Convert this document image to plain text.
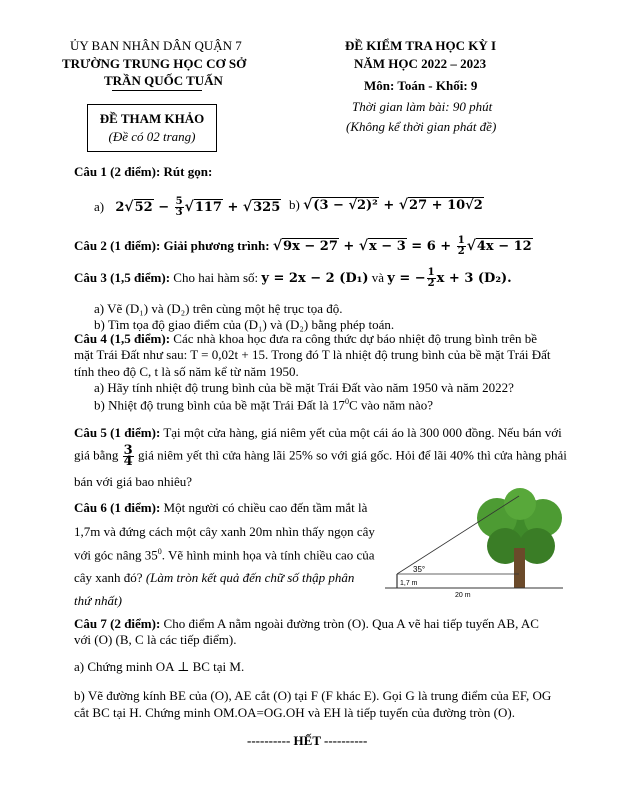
ỦY BAN NHÂN DÂN QUẬN 7
TRƯỜNG TRUNG HỌC CƠ SỞ
TRẦN QUỐC TUẤN
ĐỀ KIỂM TRA HỌC KỲ I
NĂM HỌC 2022 – 2023
Môn: Toán - Khối: 9
Thời gian làm bài: 90 phút
(Không kể thời gian phát đề)
ĐỀ THAM KHẢO
(Đề có 02 trang)
Câu 1 (2 điểm): Rút gọn:
a) $2√52 - \frac{5}{3} √117 + √325$ b) √(3 − √2)² + √27 + 10√2
Câu 2 (1 điểm): Giải phương trình: $√9x - 27 + √x - 3 = 6 + \frac{1}{2} √4x - 12$
Câu 3 (1,5 điểm): Cho hai hàm số: y = 2x − 2 (D₁) và y = − $\frac{1}{2}$ x + 3 (D₂).
a) Vẽ (D₁) và (D₂) trên cùng một hệ trục tọa độ.
b) Tìm tọa độ giao điểm của (D₁) và (D₂) bằng phép toán.
Câu 4 (1,5 điểm): Các nhà khoa học đưa ra công thức dự báo nhiệt độ trung bình trên bề
mặt Trái Đất như sau: T = 0,02t + 15. Trong đó T là nhiệt độ trung bình của bề mặt Trái Đất
tính theo độ C, t là số năm kể từ năm 1950.
a) Hãy tính nhiệt độ trung bình của bề mặt Trái Đất vào năm 1950 và năm 2022?
b) Nhiệt độ trung bình của bề mặt Trái Đất là $17^0C$ vào năm nào?
Câu 5 (1 điểm): Tại một cửa hàng, giá niêm yết của một cái áo là 300 000 đồng. Nếu bán với
giá bằng $\frac{3}{4}$ giá niêm yết thì cửa hàng lãi 25% so với giá gốc. Hỏi để lãi 40% thì cửa hàng phải
bán với giá bao nhiêu?
Câu 6 (1 điểm): Một người có chiều cao đến tầm mắt là
1,7m và đứng cách một cây xanh 20m nhìn thấy ngọn cây
với góc nâng $35^0$. Vẽ hình minh họa và tính chiều cao của
cây xanh đó? (Làm tròn kết quả đến chữ số thập phân
thứ nhất)
35°
1,7 m
20 m
Câu 7 (2 điểm): Cho điểm A nằm ngoài đường tròn (O). Qua A vẽ hai tiếp tuyến AB, AC
với (O) (B, C là các tiếp điểm).
a) Chứng minh OA ⊥ BC tại M.
b) Vẽ đường kính BE của (O), AE cắt (O) tại F (F khác E). Gọi G là trung điểm của EF, OG
cắt BC tại H. Chứng minh OM.OA=OG.OH và EH là tiếp tuyến của đường tròn (O).
---------- HẾT ----------
